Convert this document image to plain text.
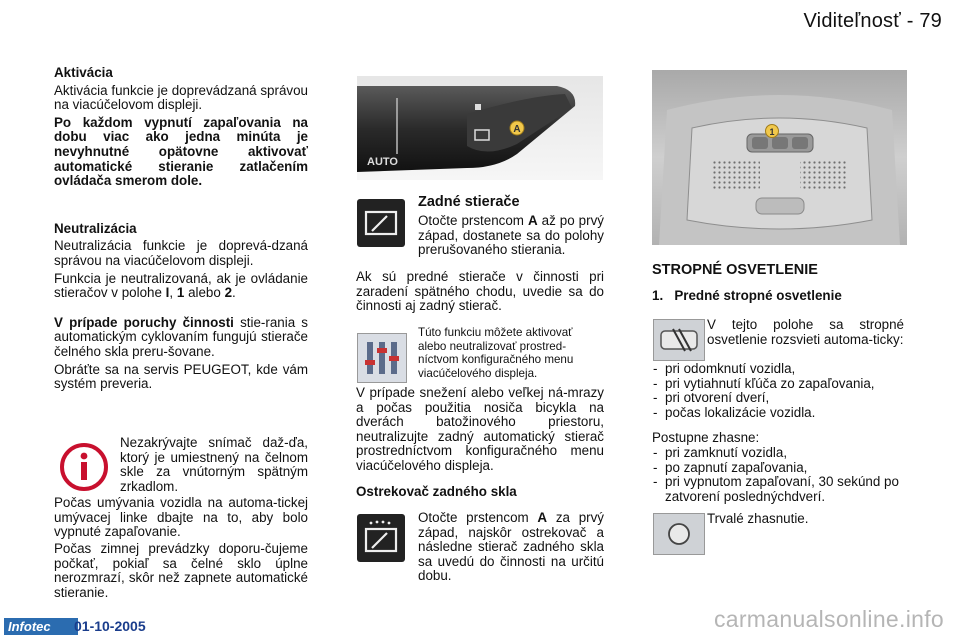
Viditeľnosť - 79

Aktivácia

Aktivácia funkcie je doprevádzaná správou na viacúčelovom displeji.

Po každom vypnutí zapaľovania na dobu viac ako jedna minúta je nevyhnutné opätovne aktivovať automatické stieranie zatlačením ovládača smerom dole.

Neutralizácia

Neutralizácia funkcie je doprevá-dzaná správou na viacúčelovom displeji.

Funkcia je neutralizovaná, ak je ovládanie stieračov v polohe I, 1 alebo 2.

V prípade poruchy činnosti stie-rania s automatickým cyklovaním fungujú stierače čelného skla preru-šovane.

Obráťte sa na servis PEUGEOT, kde vám systém preveria.

Nezakrývajte snímač daž-ďa, ktorý je umiestnený na čelnom skle za vnútorným spätným zrkadlom.

Počas umývania vozidla na automa-tickej umývacej linke dbajte na to, aby bolo vypnuté zapaľovanie.

Počas zimnej prevádzky doporu-čujeme počkať, pokiaľ sa čelné sklo úplne nerozmrazí, skôr než zapnete automatické stieranie.

A
AUTO

Zadné stierače

Otočte prstencom A až po prvý západ, dostanete sa do polohy prerušovaného stierania.

Ak sú predné stierače v činnosti pri zaradení spätného chodu, uvedie sa do činnosti aj zadný stierač.

Túto funkciu môžete aktivovať alebo neutralizovať prostred-níctvom konfiguračného menu viacúčelového displeja.

V prípade snežení alebo veľkej ná-mrazy a počas použitia nosiča bicykla na dverách batožinového priestoru, neutralizujte zadný automatický stierač prostredníctvom konfiguračného menu viacúčelového displeja.

Ostrekovač zadného skla

Otočte prstencom A za prvý západ, najskôr ostrekovač a následne stierač zadného skla sa uvedú do činnosti na určitú dobu.

1

STROPNÉ OSVETLENIE

1.   Predné stropné osvetlenie

V tejto polohe sa stropné osvetlenie rozsvieti automa-ticky:

- pri odomknutí vozidla,
- pri vytiahnutí kľúča zo zapaľovania,
- pri otvorení dverí,
- počas lokalizácie vozidla.

Postupne zhasne:

- pri zamknutí vozidla,
- po zapnutí zapaľovania,
- pri vypnutom zapaľovaní, 30 sekúnd po zatvorení poslednýchdverí.

Trvalé zhasnutie.

Infotec	01-10-2005	carmanualsonline.info
